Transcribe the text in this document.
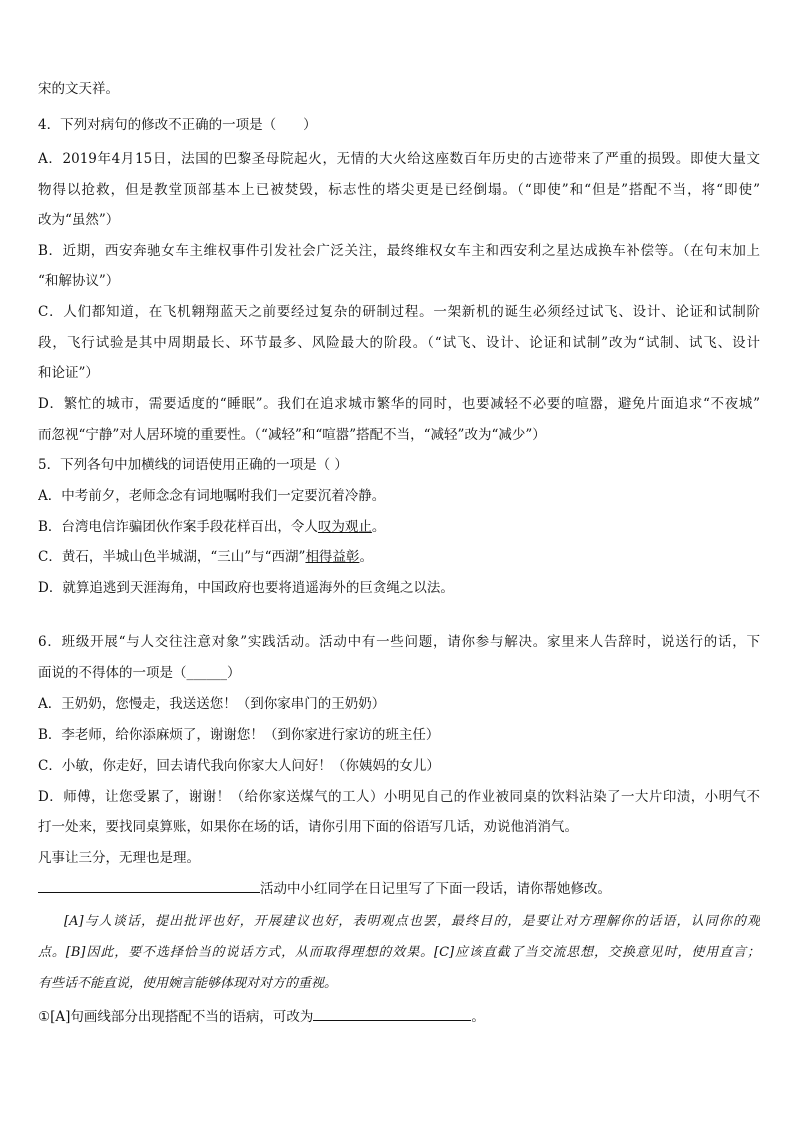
宋的文天祥。
4．下列对病句的修改不正确的一项是（　　）
A．2019年4月15日，法国的巴黎圣母院起火，无情的大火给这座数百年历史的古迹带来了严重的损毁。即使大量文
物得以抢救，但是教堂顶部基本上已被焚毁，标志性的塔尖更是已经倒塌。（“即使”和“但是”搭配不当，将“即使”
改为“虽然”）
B．近期，西安奔驰女车主维权事件引发社会广泛关注，最终维权女车主和西安利之星达成换车补偿等。（在句末加上
“和解协议”）
C．人们都知道，在飞机翱翔蓝天之前要经过复杂的研制过程。一架新机的诞生必须经过试飞、设计、论证和试制阶
段，飞行试验是其中周期最长、环节最多、风险最大的阶段。（“试飞、设计、论证和试制”改为“试制、试飞、设计
和论证”）
D．繁忙的城市，需要适度的“睡眠”。我们在追求城市繁华的同时，也要减轻不必要的喧嚣，避免片面追求“不夜城”
而忽视“宁静”对人居环境的重要性。（“减轻”和“喧嚣”搭配不当，“减轻”改为“减少”）
5．下列各句中加横线的词语使用正确的一项是（ ）
A．中考前夕，老师念念有词地嘱咐我们一定要沉着冷静。
B．台湾电信诈骗团伙作案手段花样百出，令人叹为观止。
C．黄石，半城山色半城湖，“三山”与“西湖”相得益彰。
D．就算追逃到天涯海角，中国政府也要将逍遥海外的巨贪绳之以法。
6．班级开展“与人交往注意对象”实践活动。活动中有一些问题，请你参与解决。家里来人告辞时，说送行的话，下
面说的不得体的一项是（______）
A．王奶奶，您慢走，我送送您！（到你家串门的王奶奶）
B．李老师，给你添麻烦了，谢谢您！（到你家进行家访的班主任）
C．小敏，你走好，回去请代我向你家大人问好！（你姨妈的女儿）
D．师傅，让您受累了，谢谢！（给你家送煤气的工人）小明见自己的作业被同桌的饮料沾染了一大片印渍，小明气不
打一处来，要找同桌算账，如果你在场的话，请你引用下面的俗语写几话，劝说他消消气。
凡事让三分，无理也是理。
活动中小红同学在日记里写了下面一段话，请你帮她修改。
[A]与人谈话，提出批评也好，开展建议也好，表明观点也罢，最终目的，是要让对方理解你的话语，认同你的观
点。[B]因此，要不选择恰当的说话方式，从而取得理想的效果。[C]应该直截了当交流思想，交换意见时，使用直言；
有些话不能直说，使用婉言能够体现对对方的重视。
①[A]句画线部分出现搭配不当的语病，可改为	。
